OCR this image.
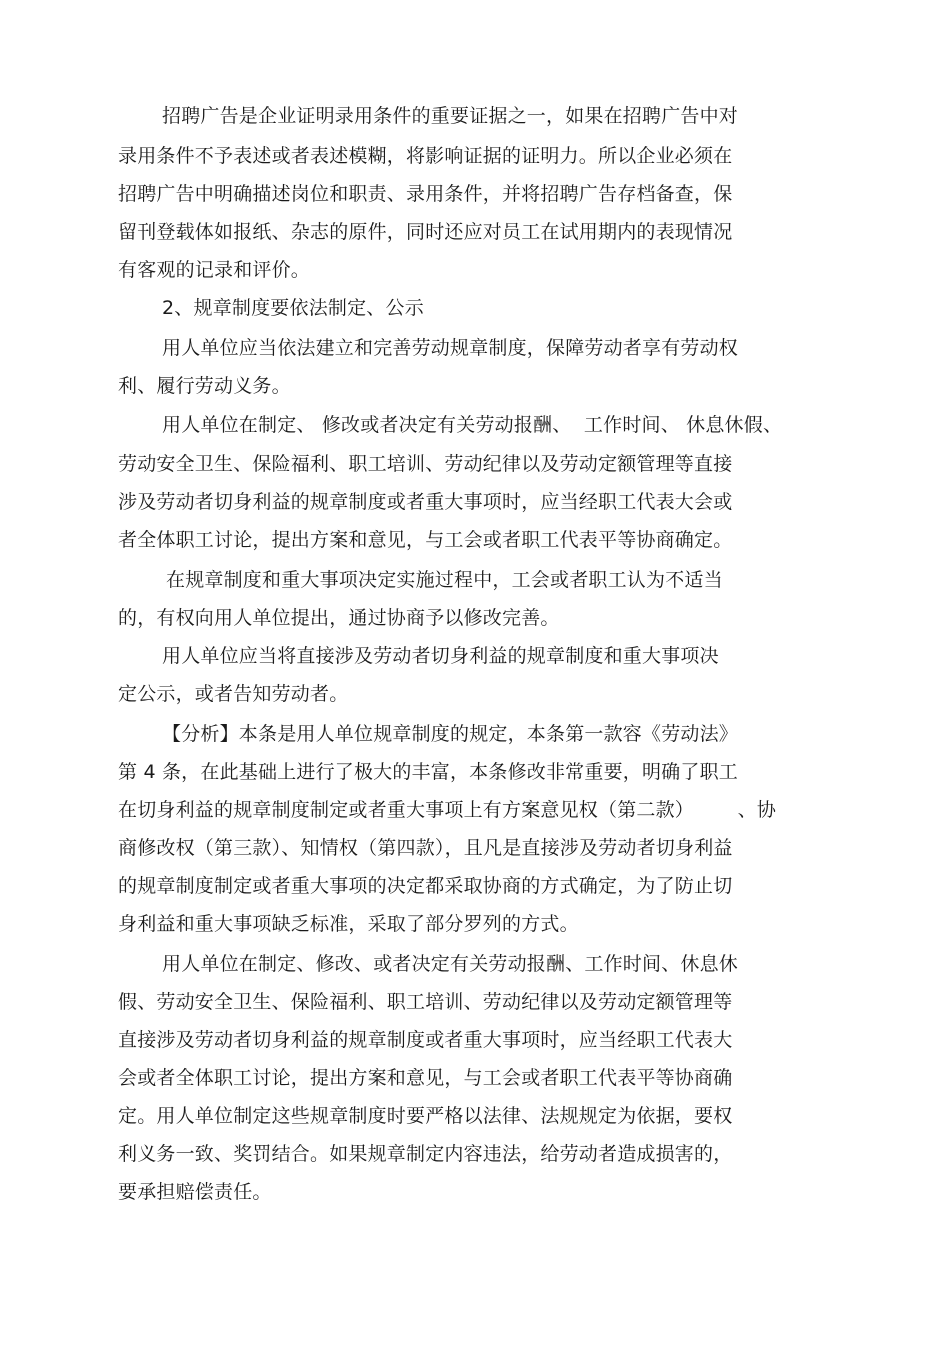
招聘广告是企业证明录用条件的重要证据之一，如果在招聘广告中对
录用条件不予表述或者表述模糊，将影响证据的证明力。所以企业必须在
招聘广告中明确描述岗位和职责、录用条件，并将招聘广告存档备查，保
留刊登载体如报纸、杂志的原件，同时还应对员工在试用期内的表现情况
有客观的记录和评价。
2、规章制度要依法制定、公示
用人单位应当依法建立和完善劳动规章制度，保障劳动者享有劳动权
利、履行劳动义务。
用人单位在制定、 修改或者决定有关劳动报酬、  工作时间、 休息休假、
劳动安全卫生、保险福利、职工培训、劳动纪律以及劳动定额管理等直接
涉及劳动者切身利益的规章制度或者重大事项时，应当经职工代表大会或
者全体职工讨论，提出方案和意见，与工会或者职工代表平等协商确定。
在规章制度和重大事项决定实施过程中，工会或者职工认为不适当
的，有权向用人单位提出，通过协商予以修改完善。
用人单位应当将直接涉及劳动者切身利益的规章制度和重大事项决
定公示，或者告知劳动者。
【分析】本条是用人单位规章制度的规定，本条第一款容《劳动法》
第 4 条，在此基础上进行了极大的丰富，本条修改非常重要，明确了职工
在切身利益的规章制度制定或者重大事项上有方案意见权（第二款）       、协
商修改权（第三款）、知情权（第四款），且凡是直接涉及劳动者切身利益
的规章制度制定或者重大事项的决定都采取协商的方式确定，为了防止切
身利益和重大事项缺乏标准，采取了部分罗列的方式。
用人单位在制定、修改、或者决定有关劳动报酬、工作时间、休息休
假、劳动安全卫生、保险福利、职工培训、劳动纪律以及劳动定额管理等
直接涉及劳动者切身利益的规章制度或者重大事项时，应当经职工代表大
会或者全体职工讨论，提出方案和意见，与工会或者职工代表平等协商确
定。用人单位制定这些规章制度时要严格以法律、法规规定为依据，要权
利义务一致、奖罚结合。如果规章制定内容违法，给劳动者造成损害的，
要承担赔偿责任。
